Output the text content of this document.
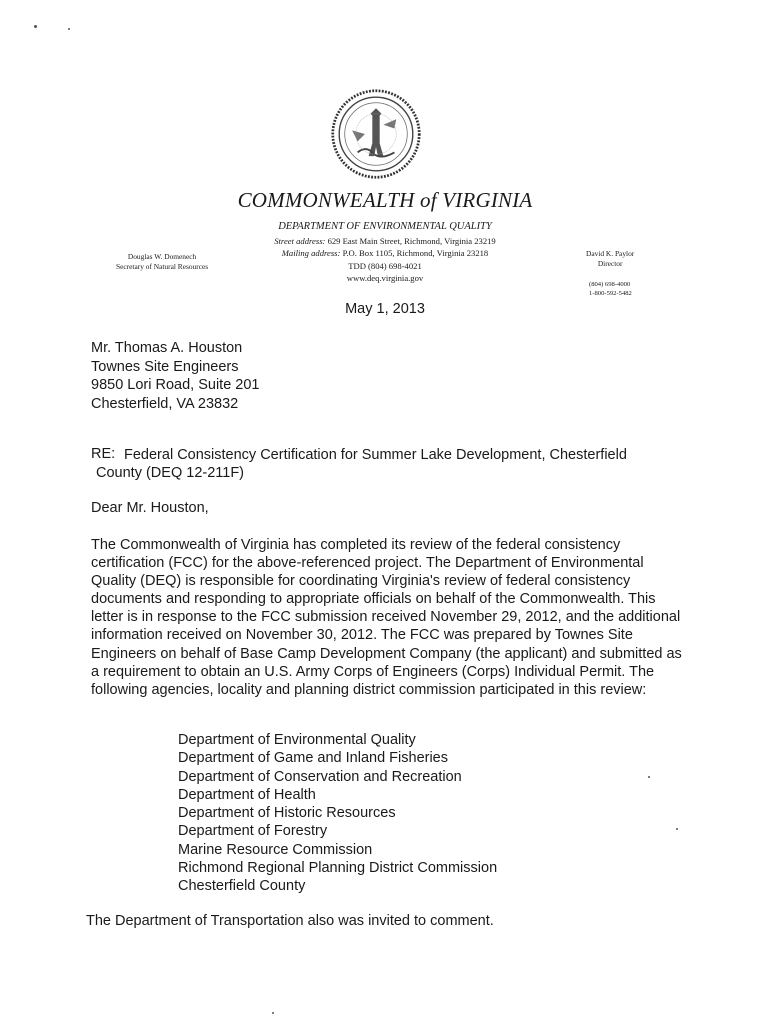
COMMONWEALTH of VIRGINIA
DEPARTMENT OF ENVIRONMENTAL QUALITY
Street address: 629 East Main Street, Richmond, Virginia 23219
Mailing address: P.O. Box 1105, Richmond, Virginia 23218
TDD (804) 698-4021
www.deq.virginia.gov
Douglas W. Domenech
Secretary of Natural Resources
David K. Paylor
Director
(804) 698-4000
1-800-592-5482
May 1, 2013
Mr. Thomas A. Houston
Townes Site Engineers
9850 Lori Road, Suite 201
Chesterfield, VA 23832
RE: Federal Consistency Certification for Summer Lake Development, Chesterfield County (DEQ 12-211F)
Dear Mr. Houston,

The Commonwealth of Virginia has completed its review of the federal consistency certification (FCC) for the above-referenced project. The Department of Environmental Quality (DEQ) is responsible for coordinating Virginia's review of federal consistency documents and responding to appropriate officials on behalf of the Commonwealth. This letter is in response to the FCC submission received November 29, 2012, and the additional information received on November 30, 2012. The FCC was prepared by Townes Site Engineers on behalf of Base Camp Development Company (the applicant) and submitted as a requirement to obtain an U.S. Army Corps of Engineers (Corps) Individual Permit. The following agencies, locality and planning district commission participated in this review:

Department of Environmental Quality
Department of Game and Inland Fisheries
Department of Conservation and Recreation
Department of Health
Department of Historic Resources
Department of Forestry
Marine Resource Commission
Richmond Regional Planning District Commission
Chesterfield County
The Department of Transportation also was invited to comment.
